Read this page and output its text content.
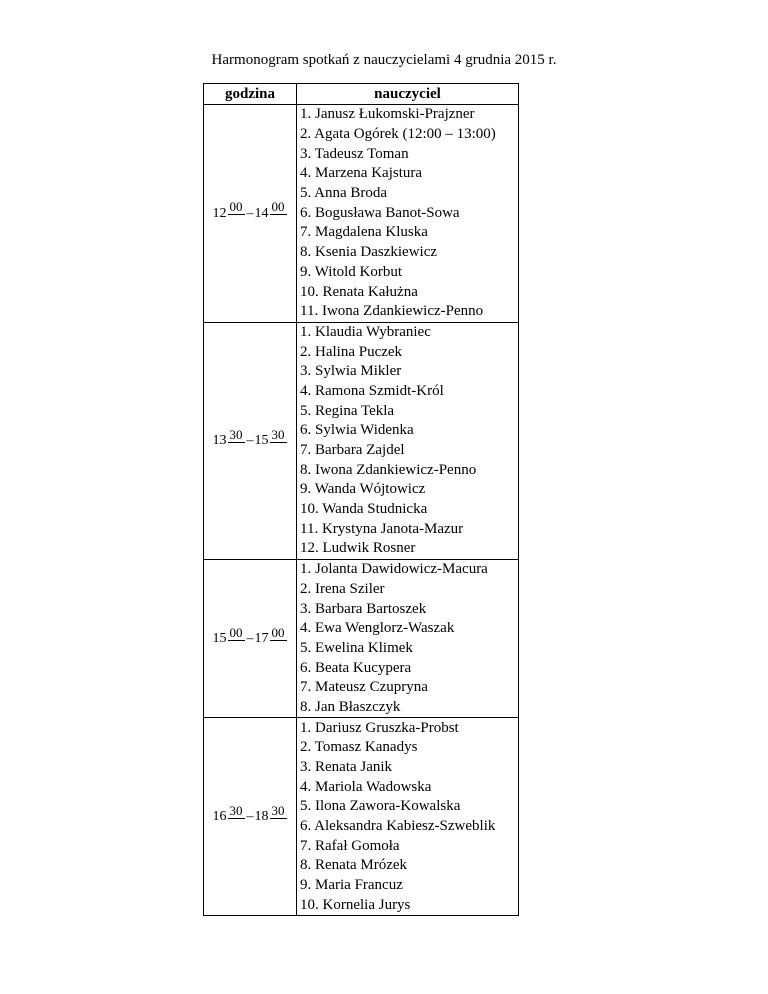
Harmonogram spotkań z nauczycielami 4 grudnia 2015 r.
godzina	nauczyciel

12 00 – 14 00	1. Janusz Łukomski-Prajzner
	2. Agata Ogórek (12:00 – 13:00)
	3. Tadeusz Toman
	4. Marzena Kajstura
	5. Anna Broda
	6. Bogusława Banot-Sowa
	7. Magdalena Kluska
	8. Ksenia Daszkiewicz
	9. Witold Korbut
	10. Renata Kałużna
	11. Iwona Zdankiewicz-Penno

13 30 – 15 30	1. Klaudia Wybraniec
	2. Halina Puczek
	3. Sylwia Mikler
	4. Ramona Szmidt-Król
	5. Regina Tekla
	6. Sylwia Widenka
	7. Barbara Zajdel
	8. Iwona Zdankiewicz-Penno
	9. Wanda Wójtowicz
	10. Wanda Studnicka
	11. Krystyna Janota-Mazur
	12. Ludwik Rosner

15 00 – 17 00	1. Jolanta Dawidowicz-Macura
	2. Irena Sziler
	3. Barbara Bartoszek
	4. Ewa Wenglorz-Waszak
	5. Ewelina Klimek
	6. Beata Kucypera
	7. Mateusz Czupryna
	8. Jan Błaszczyk

16 30 – 18 30	1. Dariusz Gruszka-Probst
	2. Tomasz Kanadys
	3. Renata Janik
	4. Mariola Wadowska
	5. Ilona Zawora-Kowalska
	6. Aleksandra Kabiesz-Szweblik
	7. Rafał Gomoła
	8. Renata Mrózek
	9. Maria Francuz
	10. Kornelia Jurys
